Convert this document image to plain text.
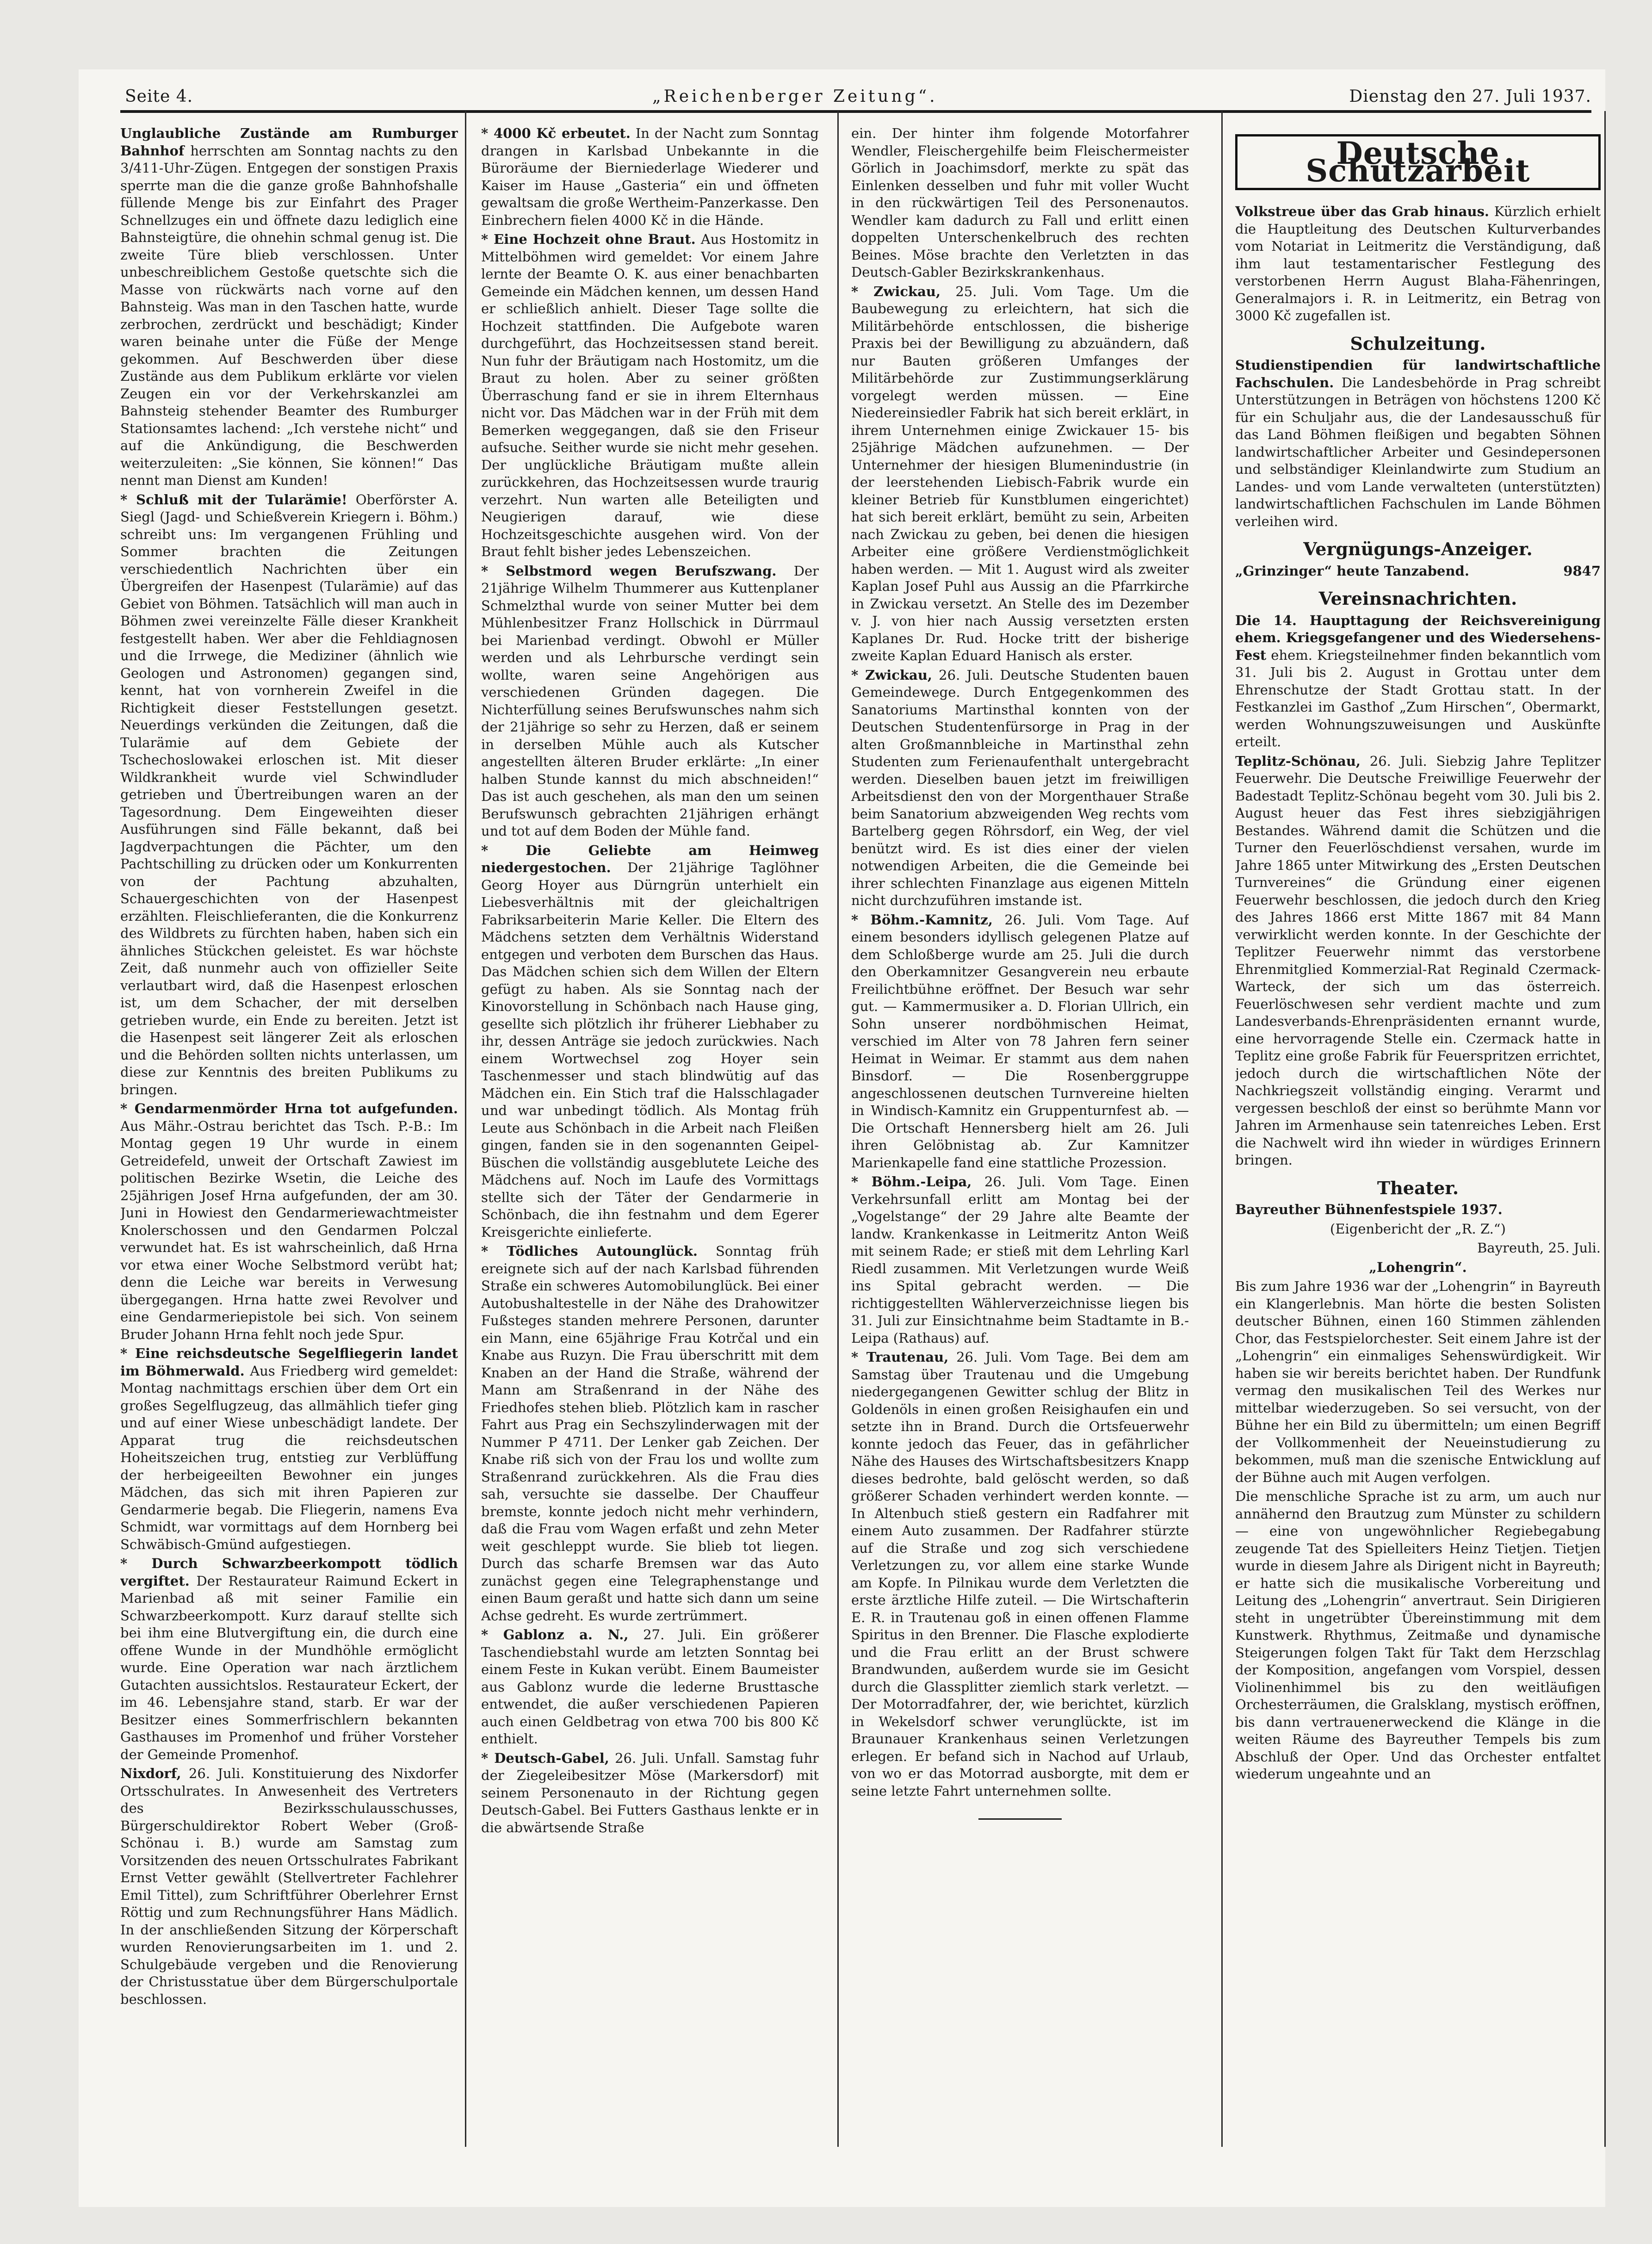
Seite 4.	„Reichenberger Zeitung“.	Dienstag den 27. Juli 1937.

Unglaubliche Zustände am Rumburger Bahnhof herrschten am Sonntag nachts zu den 3/411-Uhr-Zügen. Entgegen der sonstigen Praxis sperrte man die die ganze große Bahnhofshalle füllende Menge bis zur Einfahrt des Prager Schnellzuges ein und öffnete dazu lediglich eine Bahnsteigtüre, die ohnehin schmal genug ist. Die zweite Türe blieb verschlossen. Unter unbeschreiblichem Gestoße quetschte sich die Masse von rückwärts nach vorne auf den Bahnsteig. Was man in den Taschen hatte, wurde zerbrochen, zerdrückt und beschädigt; Kinder waren beinahe unter die Füße der Menge gekommen. Auf Beschwerden über diese Zustände aus dem Publikum erklärte vor vielen Zeugen ein vor der Verkehrskanzlei am Bahnsteig stehender Beamter des Rumburger Stationsamtes lachend: „Ich verstehe nicht“ und auf die Ankündigung, die Beschwerden weiterzuleiten: „Sie können, Sie können!“ Das nennt man Dienst am Kunden!

* Schluß mit der Tularämie! Oberförster A. Siegl (Jagd- und Schießverein Kriegern i. Böhm.) schreibt uns: Im vergangenen Frühling und Sommer brachten die Zeitungen verschiedentlich Nachrichten über ein Übergreifen der Hasenpest (Tularämie) auf das Gebiet von Böhmen. Tatsächlich will man auch in Böhmen zwei vereinzelte Fälle dieser Krankheit festgestellt haben. Wer aber die Fehldiagnosen und die Irrwege, die Mediziner (ähnlich wie Geologen und Astronomen) gegangen sind, kennt, hat von vornherein Zweifel in die Richtigkeit dieser Feststellungen gesetzt. Neuerdings verkünden die Zeitungen, daß die Tularämie auf dem Gebiete der Tschechoslowakei erloschen ist. Mit dieser Wildkrankheit wurde viel Schwindluder getrieben und Übertreibungen waren an der Tagesordnung. Dem Eingeweihten dieser Ausführungen sind Fälle bekannt, daß bei Jagdverpachtungen die Pächter, um den Pachtschilling zu drücken oder um Konkurrenten von der Pachtung abzuhalten, Schauergeschichten von der Hasenpest erzählten. Fleischlieferanten, die die Konkurrenz des Wildbrets zu fürchten haben, haben sich ein ähnliches Stückchen geleistet. Es war höchste Zeit, daß nunmehr auch von offizieller Seite verlautbart wird, daß die Hasenpest erloschen ist, um dem Schacher, der mit derselben getrieben wurde, ein Ende zu bereiten. Jetzt ist die Hasenpest seit längerer Zeit als erloschen und die Behörden sollten nichts unterlassen, um diese zur Kenntnis des breiten Publikums zu bringen.

* Gendarmenmörder Hrna tot aufgefunden. Aus Mähr.-Ostrau berichtet das Tsch. P.-B.: Im Montag gegen 19 Uhr wurde in einem Getreidefeld, unweit der Ortschaft Zawiest im politischen Bezirke Wsetin, die Leiche des 25jährigen Josef Hrna aufgefunden, der am 30. Juni in Howiest den Gendarmeriewachtmeister Knolerschossen und den Gendarmen Polczal verwundet hat. Es ist wahrscheinlich, daß Hrna vor etwa einer Woche Selbstmord verübt hat; denn die Leiche war bereits in Verwesung übergegangen. Hrna hatte zwei Revolver und eine Gendarmeriepistole bei sich. Von seinem Bruder Johann Hrna fehlt noch jede Spur.

* Eine reichsdeutsche Segelfliegerin landet im Böhmerwald. Aus Friedberg wird gemeldet: Montag nachmittags erschien über dem Ort ein großes Segelflugzeug, das allmählich tiefer ging und auf einer Wiese unbeschädigt landete. Der Apparat trug die reichsdeutschen Hoheitszeichen trug, entstieg zur Verblüffung der herbeigeeilten Bewohner ein junges Mädchen, das sich mit ihren Papieren zur Gendarmerie begab. Die Fliegerin, namens Eva Schmidt, war vormittags auf dem Hornberg bei Schwäbisch-Gmünd aufgestiegen.

* Durch Schwarzbeerkompott tödlich vergiftet. Der Restaurateur Raimund Eckert in Marienbad aß mit seiner Familie ein Schwarzbeerkompott. Kurz darauf stellte sich bei ihm eine Blutvergiftung ein, die durch eine offene Wunde in der Mundhöhle ermöglicht wurde. Eine Operation war nach ärztlichem Gutachten aussichtslos. Restaurateur Eckert, der im 46. Lebensjahre stand, starb. Er war der Besitzer eines Sommerfrischlern bekannten Gasthauses im Promenhof und früher Vorsteher der Gemeinde Promenhof.

Nixdorf, 26. Juli. Konstituierung des Nixdorfer Ortsschulrates. In Anwesenheit des Vertreters des Bezirksschulausschusses, Bürgerschuldirektor Robert Weber (Groß-Schönau i. B.) wurde am Samstag zum Vorsitzenden des neuen Ortsschulrates Fabrikant Ernst Vetter gewählt (Stellvertreter Fachlehrer Emil Tittel), zum Schriftführer Oberlehrer Ernst Röttig und zum Rechnungsführer Hans Mädlich. In der anschließenden Sitzung der Körperschaft wurden Renovierungsarbeiten im 1. und 2. Schulgebäude vergeben und die Renovierung der Christusstatue über dem Bürgerschulportale beschlossen.

* 4000 Kč erbeutet. In der Nacht zum Sonntag drangen in Karlsbad Unbekannte in die Büroräume der Bierniederlage Wiederer und Kaiser im Hause „Gasteria“ ein und öffneten gewaltsam die große Wertheim-Panzerkasse. Den Einbrechern fielen 4000 Kč in die Hände.

* Eine Hochzeit ohne Braut. Aus Hostomitz in Mittelböhmen wird gemeldet: Vor einem Jahre lernte der Beamte O. K. aus einer benachbarten Gemeinde ein Mädchen kennen, um dessen Hand er schließlich anhielt. Dieser Tage sollte die Hochzeit stattfinden. Die Aufgebote waren durchgeführt, das Hochzeitsessen stand bereit. Nun fuhr der Bräutigam nach Hostomitz, um die Braut zu holen. Aber zu seiner größten Überraschung fand er sie in ihrem Elternhaus nicht vor. Das Mädchen war in der Früh mit dem Bemerken weggegangen, daß sie den Friseur aufsuche. Seither wurde sie nicht mehr gesehen. Der unglückliche Bräutigam mußte allein zurückkehren, das Hochzeitsessen wurde traurig verzehrt. Nun warten alle Beteiligten und Neugierigen darauf, wie diese Hochzeitsgeschichte ausgehen wird. Von der Braut fehlt bisher jedes Lebenszeichen.

* Selbstmord wegen Berufszwang. Der 21jährige Wilhelm Thummerer aus Kuttenplaner Schmelzthal wurde von seiner Mutter bei dem Mühlenbesitzer Franz Hollschick in Dürrmaul bei Marienbad verdingt. Obwohl er Müller werden und als Lehrbursche verdingt sein wollte, waren seine Angehörigen aus verschiedenen Gründen dagegen. Die Nichterfüllung seines Berufswunsches nahm sich der 21jährige so sehr zu Herzen, daß er seinem in derselben Mühle auch als Kutscher angestellten älteren Bruder erklärte: „In einer halben Stunde kannst du mich abschneiden!“ Das ist auch geschehen, als man den um seinen Berufswunsch gebrachten 21jährigen erhängt und tot auf dem Boden der Mühle fand.

* Die Geliebte am Heimweg niedergestochen. Der 21jährige Taglöhner Georg Hoyer aus Dürngrün unterhielt ein Liebesverhältnis mit der gleichaltrigen Fabriksarbeiterin Marie Keller. Die Eltern des Mädchens setzten dem Verhältnis Widerstand entgegen und verboten dem Burschen das Haus. Das Mädchen schien sich dem Willen der Eltern gefügt zu haben. Als sie Sonntag nach der Kinovorstellung in Schönbach nach Hause ging, gesellte sich plötzlich ihr früherer Liebhaber zu ihr, dessen Anträge sie jedoch zurückwies. Nach einem Wortwechsel zog Hoyer sein Taschenmesser und stach blindwütig auf das Mädchen ein. Ein Stich traf die Halsschlagader und war unbedingt tödlich. Als Montag früh Leute aus Schönbach in die Arbeit nach Fleißen gingen, fanden sie in den sogenannten Geipel-Büschen die vollständig ausgeblutete Leiche des Mädchens auf. Noch im Laufe des Vormittags stellte sich der Täter der Gendarmerie in Schönbach, die ihn festnahm und dem Egerer Kreisgerichte einlieferte.

* Tödliches Autounglück. Sonntag früh ereignete sich auf der nach Karlsbad führenden Straße ein schweres Automobilunglück. Bei einer Autobushaltestelle in der Nähe des Drahowitzer Fußsteges standen mehrere Personen, darunter ein Mann, eine 65jährige Frau Kotrčal und ein Knabe aus Ruzyn. Die Frau überschritt mit dem Knaben an der Hand die Straße, während der Mann am Straßenrand in der Nähe des Friedhofes stehen blieb. Plötzlich kam in rascher Fahrt aus Prag ein Sechszylinderwagen mit der Nummer P 4711. Der Lenker gab Zeichen. Der Knabe riß sich von der Frau los und wollte zum Straßenrand zurückkehren. Als die Frau dies sah, versuchte sie dasselbe. Der Chauffeur bremste, konnte jedoch nicht mehr verhindern, daß die Frau vom Wagen erfaßt und zehn Meter weit geschleppt wurde. Sie blieb tot liegen. Durch das scharfe Bremsen war das Auto zunächst gegen eine Telegraphenstange und einen Baum geraßt und hatte sich dann um seine Achse gedreht. Es wurde zertrümmert.

* Gablonz a. N., 27. Juli. Ein größerer Taschendiebstahl wurde am letzten Sonntag bei einem Feste in Kukan verübt. Einem Baumeister aus Gablonz wurde die lederne Brusttasche entwendet, die außer verschiedenen Papieren auch einen Geldbetrag von etwa 700 bis 800 Kč enthielt.

* Deutsch-Gabel, 26. Juli. Unfall. Samstag fuhr der Ziegeleibesitzer Möse (Markersdorf) mit seinem Personenauto in der Richtung gegen Deutsch-Gabel. Bei Futters Gasthaus lenkte er in die abwärtsende Straße

ein. Der hinter ihm folgende Motorfahrer Wendler, Fleischergehilfe beim Fleischermeister Görlich in Joachimsdorf, merkte zu spät das Einlenken desselben und fuhr mit voller Wucht in den rückwärtigen Teil des Personenautos. Wendler kam dadurch zu Fall und erlitt einen doppelten Unterschenkelbruch des rechten Beines. Möse brachte den Verletzten in das Deutsch-Gabler Bezirkskrankenhaus.

* Zwickau, 25. Juli. Vom Tage. Um die Baubewegung zu erleichtern, hat sich die Militärbehörde entschlossen, die bisherige Praxis bei der Bewilligung zu abzuändern, daß nur Bauten größeren Umfanges der Militärbehörde zur Zustimmungserklärung vorgelegt werden müssen. — Eine Niedereinsiedler Fabrik hat sich bereit erklärt, in ihrem Unternehmen einige Zwickauer 15- bis 25jährige Mädchen aufzunehmen. — Der Unternehmer der hiesigen Blumenindustrie (in der leerstehenden Liebisch-Fabrik wurde ein kleiner Betrieb für Kunstblumen eingerichtet) hat sich bereit erklärt, bemüht zu sein, Arbeiten nach Zwickau zu geben, bei denen die hiesigen Arbeiter eine größere Verdienstmöglichkeit haben werden. — Mit 1. August wird als zweiter Kaplan Josef Puhl aus Aussig an die Pfarrkirche in Zwickau versetzt. An Stelle des im Dezember v. J. von hier nach Aussig versetzten ersten Kaplanes Dr. Rud. Hocke tritt der bisherige zweite Kaplan Eduard Hanisch als erster.

* Zwickau, 26. Juli. Deutsche Studenten bauen Gemeindewege. Durch Entgegenkommen des Sanatoriums Martinsthal konnten von der Deutschen Studentenfürsorge in Prag in der alten Großmannbleiche in Martinsthal zehn Studenten zum Ferienaufenthalt untergebracht werden. Dieselben bauen jetzt im freiwilligen Arbeitsdienst den von der Morgenthauer Straße beim Sanatorium abzweigenden Weg rechts vom Bartelberg gegen Röhrsdorf, ein Weg, der viel benützt wird. Es ist dies einer der vielen notwendigen Arbeiten, die die Gemeinde bei ihrer schlechten Finanzlage aus eigenen Mitteln nicht durchzuführen imstande ist.

* Böhm.-Kamnitz, 26. Juli. Vom Tage. Auf einem besonders idyllisch gelegenen Platze auf dem Schloßberge wurde am 25. Juli die durch den Oberkamnitzer Gesangverein neu erbaute Freilichtbühne eröffnet. Der Besuch war sehr gut. — Kammermusiker a. D. Florian Ullrich, ein Sohn unserer nordböhmischen Heimat, verschied im Alter von 78 Jahren fern seiner Heimat in Weimar. Er stammt aus dem nahen Binsdorf. — Die Rosenberggruppe angeschlossenen deutschen Turnvereine hielten in Windisch-Kamnitz ein Gruppenturnfest ab. — Die Ortschaft Hennersberg hielt am 26. Juli ihren Gelöbnistag ab. Zur Kamnitzer Marienkapelle fand eine stattliche Prozession.

* Böhm.-Leipa, 26. Juli. Vom Tage. Einen Verkehrsunfall erlitt am Montag bei der „Vogelstange“ der 29 Jahre alte Beamte der landw. Krankenkasse in Leitmeritz Anton Weiß mit seinem Rade; er stieß mit dem Lehrling Karl Riedl zusammen. Mit Verletzungen wurde Weiß ins Spital gebracht werden. — Die richtiggestellten Wählerverzeichnisse liegen bis 31. Juli zur Einsichtnahme beim Stadtamte in B.-Leipa (Rathaus) auf.

* Trautenau, 26. Juli. Vom Tage. Bei dem am Samstag über Trautenau und die Umgebung niedergegangenen Gewitter schlug der Blitz in Goldenöls in einen großen Reisighaufen ein und setzte ihn in Brand. Durch die Ortsfeuerwehr konnte jedoch das Feuer, das in gefährlicher Nähe des Hauses des Wirtschaftsbesitzers Knapp dieses bedrohte, bald gelöscht werden, so daß größerer Schaden verhindert werden konnte. — In Altenbuch stieß gestern ein Radfahrer mit einem Auto zusammen. Der Radfahrer stürzte auf die Straße und zog sich verschiedene Verletzungen zu, vor allem eine starke Wunde am Kopfe. In Pilnikau wurde dem Verletzten die erste ärztliche Hilfe zuteil. — Die Wirtschafterin E. R. in Trautenau goß in einen offenen Flamme Spiritus in den Brenner. Die Flasche explodierte und die Frau erlitt an der Brust schwere Brandwunden, außerdem wurde sie im Gesicht durch die Glassplitter ziemlich stark verletzt. — Der Motorradfahrer, der, wie berichtet, kürzlich in Wekelsdorf schwer verunglückte, ist im Braunauer Krankenhaus seinen Verletzungen erlegen. Er befand sich in Nachod auf Urlaub, von wo er das Motorrad ausborgte, mit dem er seine letzte Fahrt unternehmen sollte.

Deutsche Schutzarbeit

Volkstreue über das Grab hinaus. Kürzlich erhielt die Hauptleitung des Deutschen Kulturverbandes vom Notariat in Leitmeritz die Verständigung, daß ihm laut testamentarischer Festlegung des verstorbenen Herrn August Blaha-Fähenringen, Generalmajors i. R. in Leitmeritz, ein Betrag von 3000 Kč zugefallen ist.

Schulzeitung.

Studienstipendien für landwirtschaftliche Fachschulen. Die Landesbehörde in Prag schreibt Unterstützungen in Beträgen von höchstens 1200 Kč für ein Schuljahr aus, die der Landesausschuß für das Land Böhmen fleißigen und begabten Söhnen landwirtschaftlicher Arbeiter und Gesindepersonen und selbständiger Kleinlandwirte zum Studium an Landes- und vom Lande verwalteten (unterstützten) landwirtschaftlichen Fachschulen im Lande Böhmen verleihen wird.

Vergnügungs-Anzeiger.
„Grinzinger“ heute Tanzabend.	9847
Vereinsnachrichten.

Die 14. Haupttagung der Reichsvereinigung ehem. Kriegsgefangener und des Wiedersehens-Fest ehem. Kriegsteilnehmer finden bekanntlich vom 31. Juli bis 2. August in Grottau unter dem Ehrenschutze der Stadt Grottau statt. In der Festkanzlei im Gasthof „Zum Hirschen“, Obermarkt, werden Wohnungszuweisungen und Auskünfte erteilt.

Teplitz-Schönau, 26. Juli. Siebzig Jahre Teplitzer Feuerwehr. Die Deutsche Freiwillige Feuerwehr der Badestadt Teplitz-Schönau begeht vom 30. Juli bis 2. August heuer das Fest ihres siebzigjährigen Bestandes. Während damit die Schützen und die Turner den Feuerlöschdienst versahen, wurde im Jahre 1865 unter Mitwirkung des „Ersten Deutschen Turnvereines“ die Gründung einer eigenen Feuerwehr beschlossen, die jedoch durch den Krieg des Jahres 1866 erst Mitte 1867 mit 84 Mann verwirklicht werden konnte. In der Geschichte der Teplitzer Feuerwehr nimmt das verstorbene Ehrenmitglied Kommerzial-Rat Reginald Czermack-Warteck, der sich um das österreich. Feuerlöschwesen sehr verdient machte und zum Landesverbands-Ehrenpräsidenten ernannt wurde, eine hervorragende Stelle ein. Czermack hatte in Teplitz eine große Fabrik für Feuerspritzen errichtet, jedoch durch die wirtschaftlichen Nöte der Nachkriegszeit vollständig einging. Verarmt und vergessen beschloß der einst so berühmte Mann vor Jahren im Armenhause sein tatenreiches Leben. Erst die Nachwelt wird ihn wieder in würdiges Erinnern bringen.

Theater.

Bayreuther Bühnenfestspiele 1937.

(Eigenbericht der „R. Z.“)

Bayreuth, 25. Juli.

„Lohengrin“.

Bis zum Jahre 1936 war der „Lohengrin“ in Bayreuth ein Klangerlebnis. Man hörte die besten Solisten deutscher Bühnen, einen 160 Stimmen zählenden Chor, das Festspielorchester. Seit einem Jahre ist der „Lohengrin“ ein einmaliges Sehenswürdigkeit. Wir haben sie wir bereits berichtet haben. Der Rundfunk vermag den musikalischen Teil des Werkes nur mittelbar wiederzugeben. So sei versucht, von der Bühne her ein Bild zu übermitteln; um einen Begriff der Vollkommenheit der Neueinstudierung zu bekommen, muß man die szenische Entwicklung auf der Bühne auch mit Augen verfolgen.

Die menschliche Sprache ist zu arm, um auch nur annähernd den Brautzug zum Münster zu schildern — eine von ungewöhnlicher Regiebegabung zeugende Tat des Spielleiters Heinz Tietjen. Tietjen wurde in diesem Jahre als Dirigent nicht in Bayreuth; er hatte sich die musikalische Vorbereitung und Leitung des „Lohengrin“ anvertraut. Sein Dirigieren steht in ungetrübter Übereinstimmung mit dem Kunstwerk. Rhythmus, Zeitmaße und dynamische Steigerungen folgen Takt für Takt dem Herzschlag der Komposition, angefangen vom Vorspiel, dessen Violinenhimmel bis zu den weitläufigen Orchesterräumen, die Gralsklang, mystisch eröffnen, bis dann vertrauenerweckend die Klänge in die weiten Räume des Bayreuther Tempels bis zum Abschluß der Oper. Und das Orchester entfaltet wiederum ungeahnte und an
